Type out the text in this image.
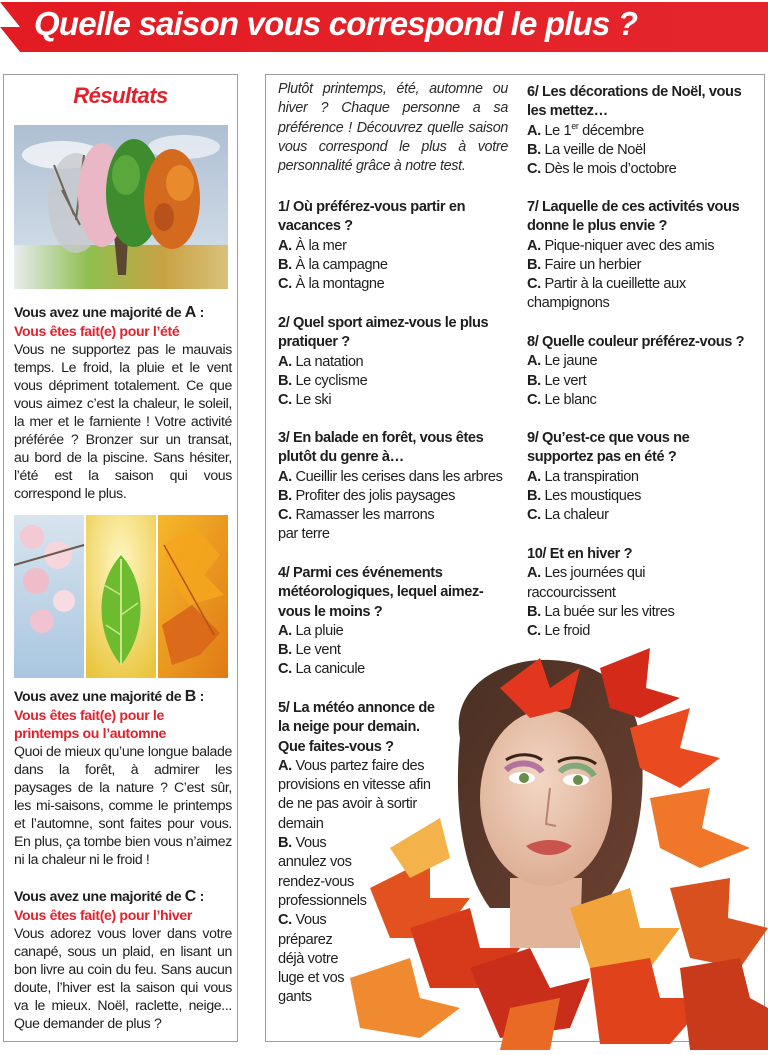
Quelle saison vous correspond le plus ?
Résultats
Vous avez une majorité de A :
Vous êtes fait(e) pour l’été
Vous ne supportez pas le mauvais temps. Le froid, la pluie et le vent vous dépriment totalement. Ce que vous aimez c’est la chaleur, le soleil, la mer et le farniente ! Votre activité préférée ? Bronzer sur un transat, au bord de la piscine. Sans hésiter, l’été est la saison qui vous correspond le plus.
Vous avez une majorité de B :
Vous êtes fait(e) pour le printemps ou l’automne
Quoi de mieux qu’une longue balade dans la forêt, à admirer les paysages de la nature ? C’est sûr, les mi-saisons, comme le printemps et l’automne, sont faites pour vous. En plus, ça tombe bien vous n’aimez ni la chaleur ni le froid !
Vous avez une majorité de C :
Vous êtes fait(e) pour l’hiver
Vous adorez vous lover dans votre canapé, sous un plaid, en lisant un bon livre au coin du feu. Sans aucun doute, l’hiver est la saison qui vous va le mieux. Noël, raclette, neige... Que demander de plus ?
Plutôt printemps, été, automne ou hiver ? Chaque personne a sa préférence ! Découvrez quelle saison vous correspond le plus à votre personnalité grâce à notre test.
1/ Où préférez-vous partir en vacances ?
A. À la mer
B. À la campagne
C. À la montagne
2/ Quel sport aimez-vous le plus pratiquer ?
A. La natation
B. Le cyclisme
C. Le ski
3/ En balade en forêt, vous êtes plutôt du genre à…
A. Cueillir les cerises dans les arbres
B. Profiter des jolis paysages
C. Ramasser les marrons par terre
4/ Parmi ces événements météorologiques, lequel aimez-vous le moins ?
A. La pluie
B. Le vent
C. La canicule
5/ La météo annonce de la neige pour demain. Que faites-vous ?
A. Vous partez faire des provisions en vitesse afin de ne pas avoir à sortir demain
B. Vous annulez vos rendez-vous professionnels
C. Vous préparez déjà votre luge et vos gants
6/ Les décorations de Noël, vous les mettez…
A. Le 1er décembre
B. La veille de Noël
C. Dès le mois d’octobre
7/ Laquelle de ces activités vous donne le plus envie ?
A. Pique-niquer avec des amis
B. Faire un herbier
C. Partir à la cueillette aux champignons
8/ Quelle couleur préférez-vous ?
A. Le jaune
B. Le vert
C. Le blanc
9/ Qu’est-ce que vous ne supportez pas en été ?
A. La transpiration
B. Les moustiques
C. La chaleur
10/ Et en hiver ?
A. Les journées qui raccourcissent
B. La buée sur les vitres
C. Le froid
